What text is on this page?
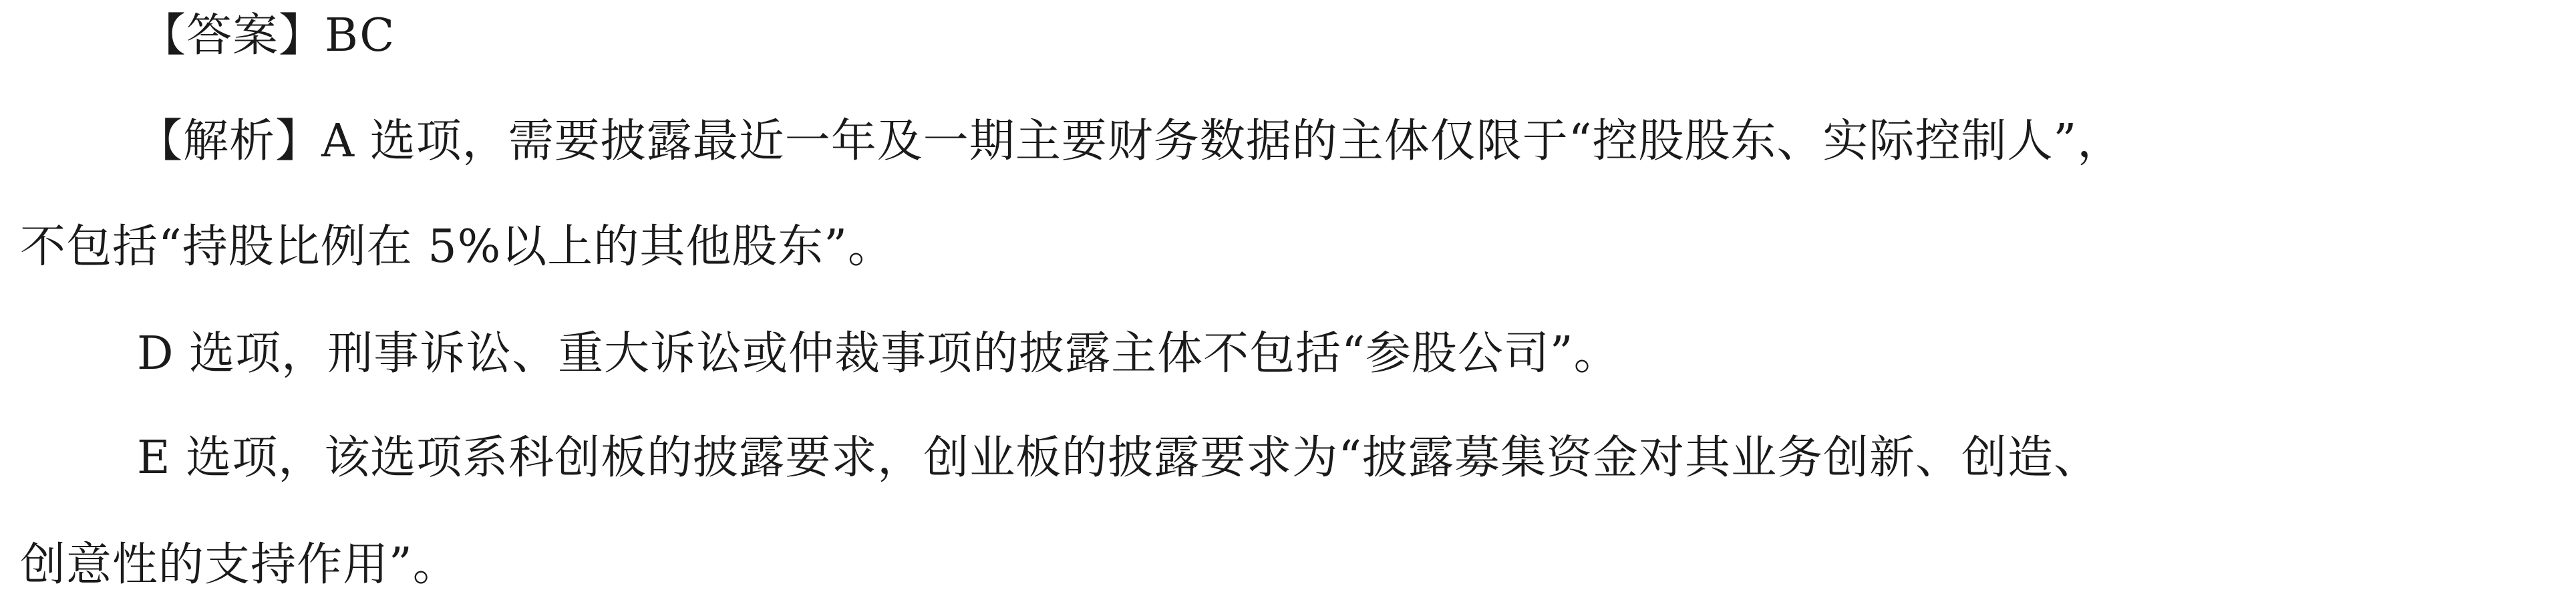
【答案】BC
【解析】A 选项，需要披露最近一年及一期主要财务数据的主体仅限于“控股股东、实际控制人”，
不包括“持股比例在 5%以上的其他股东”。
D 选项，刑事诉讼、重大诉讼或仲裁事项的披露主体不包括“参股公司”。
E 选项，该选项系科创板的披露要求，创业板的披露要求为“披露募集资金对其业务创新、创造、
创意性的支持作用”。
